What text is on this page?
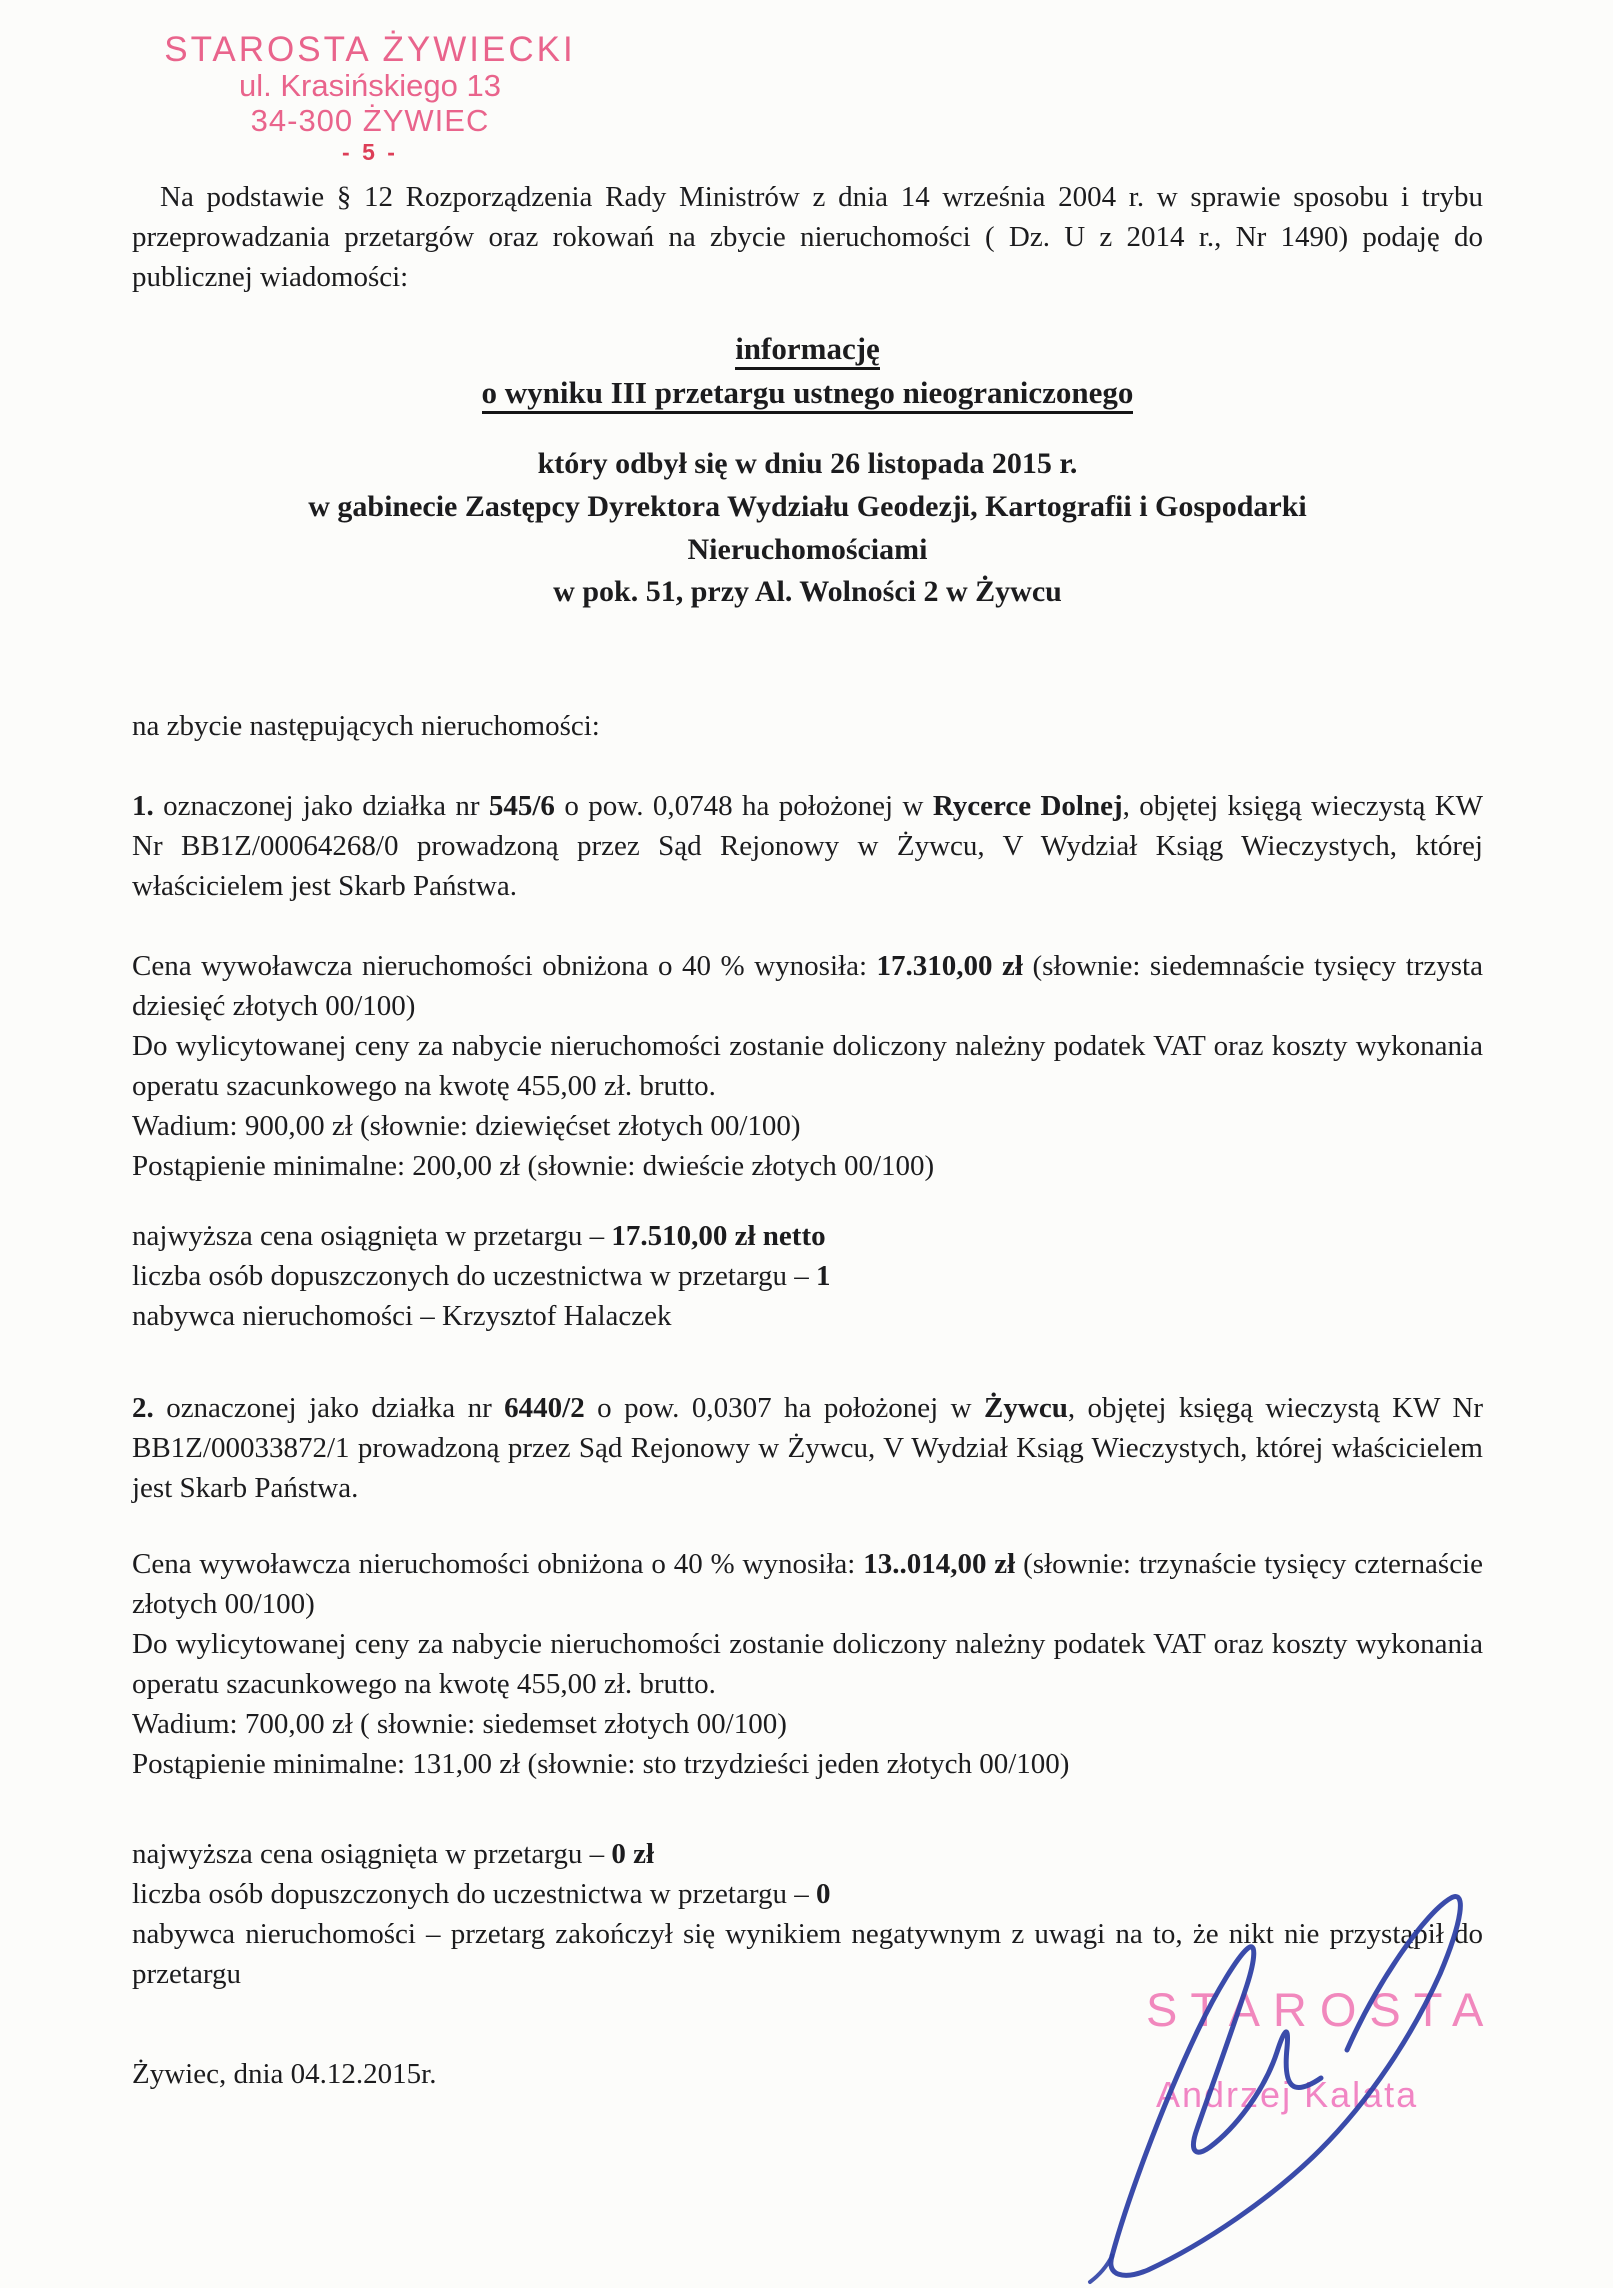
STAROSTA ŻYWIECKI
ul. Krasińskiego 13
34-300 ŻYWIEC
- 5 -

Na podstawie § 12 Rozporządzenia Rady Ministrów z dnia 14 września 2004 r. w sprawie sposobu i trybu przeprowadzania przetargów oraz rokowań na zbycie nieruchomości ( Dz. U z 2014 r., Nr 1490) podaję do publicznej wiadomości:

informację
o wyniku III przetargu ustnego nieograniczonego
który odbył się w dniu 26 listopada 2015 r.
w gabinecie Zastępcy Dyrektora Wydziału Geodezji, Kartografii i Gospodarki
Nieruchomościami
w pok. 51, przy Al. Wolności 2 w Żywcu

na zbycie następujących nieruchomości:

1. oznaczonej jako działka nr 545/6 o pow. 0,0748 ha położonej w Rycerce Dolnej, objętej księgą wieczystą KW Nr BB1Z/00064268/0 prowadzoną przez Sąd Rejonowy w Żywcu, V Wydział Ksiąg Wieczystych, której właścicielem jest Skarb Państwa.

Cena wywoławcza nieruchomości obniżona o 40 % wynosiła: 17.310,00 zł (słownie: siedemnaście tysięcy trzysta dziesięć złotych 00/100)

Do wylicytowanej ceny za nabycie nieruchomości zostanie doliczony należny podatek VAT oraz koszty wykonania operatu szacunkowego na kwotę 455,00 zł. brutto.

Wadium: 900,00 zł (słownie: dziewięćset złotych 00/100)

Postąpienie minimalne: 200,00 zł (słownie: dwieście złotych 00/100)

najwyższa cena osiągnięta w przetargu – 17.510,00 zł netto

liczba osób dopuszczonych do uczestnictwa w przetargu – 1

nabywca nieruchomości – Krzysztof Halaczek

2. oznaczonej jako działka nr 6440/2 o pow. 0,0307 ha położonej w Żywcu, objętej księgą wieczystą KW Nr BB1Z/00033872/1 prowadzoną przez Sąd Rejonowy w Żywcu, V Wydział Ksiąg Wieczystych, której właścicielem jest Skarb Państwa.

Cena wywoławcza nieruchomości obniżona o 40 % wynosiła: 13..014,00 zł (słownie: trzynaście tysięcy czternaście złotych 00/100)

Do wylicytowanej ceny za nabycie nieruchomości zostanie doliczony należny podatek VAT oraz koszty wykonania operatu szacunkowego na kwotę 455,00 zł. brutto.

Wadium: 700,00 zł ( słownie: siedemset złotych 00/100)

Postąpienie minimalne: 131,00 zł (słownie: sto trzydzieści jeden złotych 00/100)

najwyższa cena osiągnięta w przetargu – 0 zł

liczba osób dopuszczonych do uczestnictwa w przetargu – 0

nabywca nieruchomości – przetarg zakończył się wynikiem negatywnym z uwagi na to, że nikt nie przystąpił do przetargu

Żywiec, dnia 04.12.2015r.

STAROSTA
Andrzej Kalata
